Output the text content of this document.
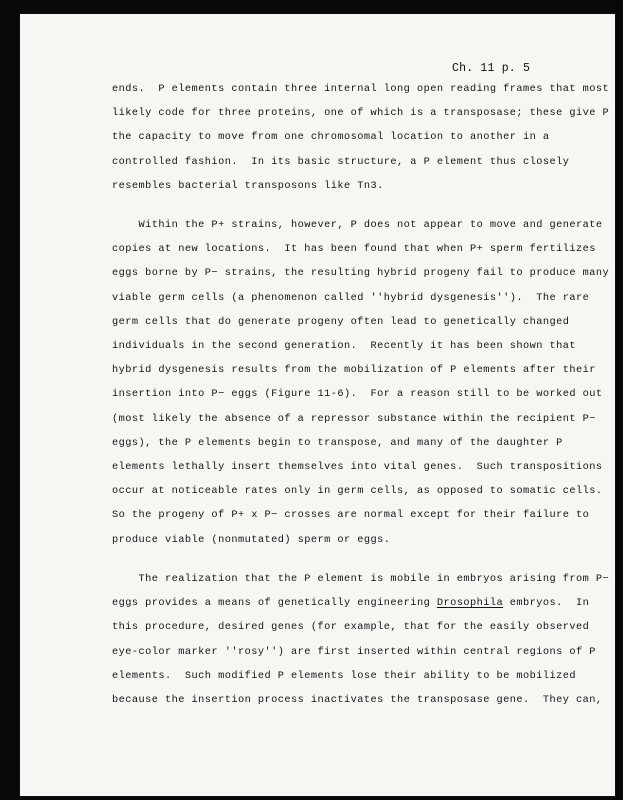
Ch. 11 p. 5
ends.  P elements contain three internal long open reading frames that most
likely code for three proteins, one of which is a transposase; these give P
the capacity to move from one chromosomal location to another in a
controlled fashion.  In its basic structure, a P element thus closely
resembles bacterial transposons like Tn3.
Within the P+ strains, however, P does not appear to move and generate
copies at new locations.  It has been found that when P+ sperm fertilizes
eggs borne by P− strains, the resulting hybrid progeny fail to produce many
viable germ cells (a phenomenon called ''hybrid dysgenesis'').  The rare
germ cells that do generate progeny often lead to genetically changed
individuals in the second generation.  Recently it has been shown that
hybrid dysgenesis results from the mobilization of P elements after their
insertion into P− eggs (Figure 11-6).  For a reason still to be worked out
(most likely the absence of a repressor substance within the recipient P−
eggs), the P elements begin to transpose, and many of the daughter P
elements lethally insert themselves into vital genes.  Such transpositions
occur at noticeable rates only in germ cells, as opposed to somatic cells.
So the progeny of P+ x P− crosses are normal except for their failure to
produce viable (nonmutated) sperm or eggs.
The realization that the P element is mobile in embryos arising from P−
eggs provides a means of genetically engineering Drosophila embryos.  In
this procedure, desired genes (for example, that for the easily observed
eye-color marker ''rosy'') are first inserted within central regions of P
elements.  Such modified P elements lose their ability to be mobilized
because the insertion process inactivates the transposase gene.  They can,
